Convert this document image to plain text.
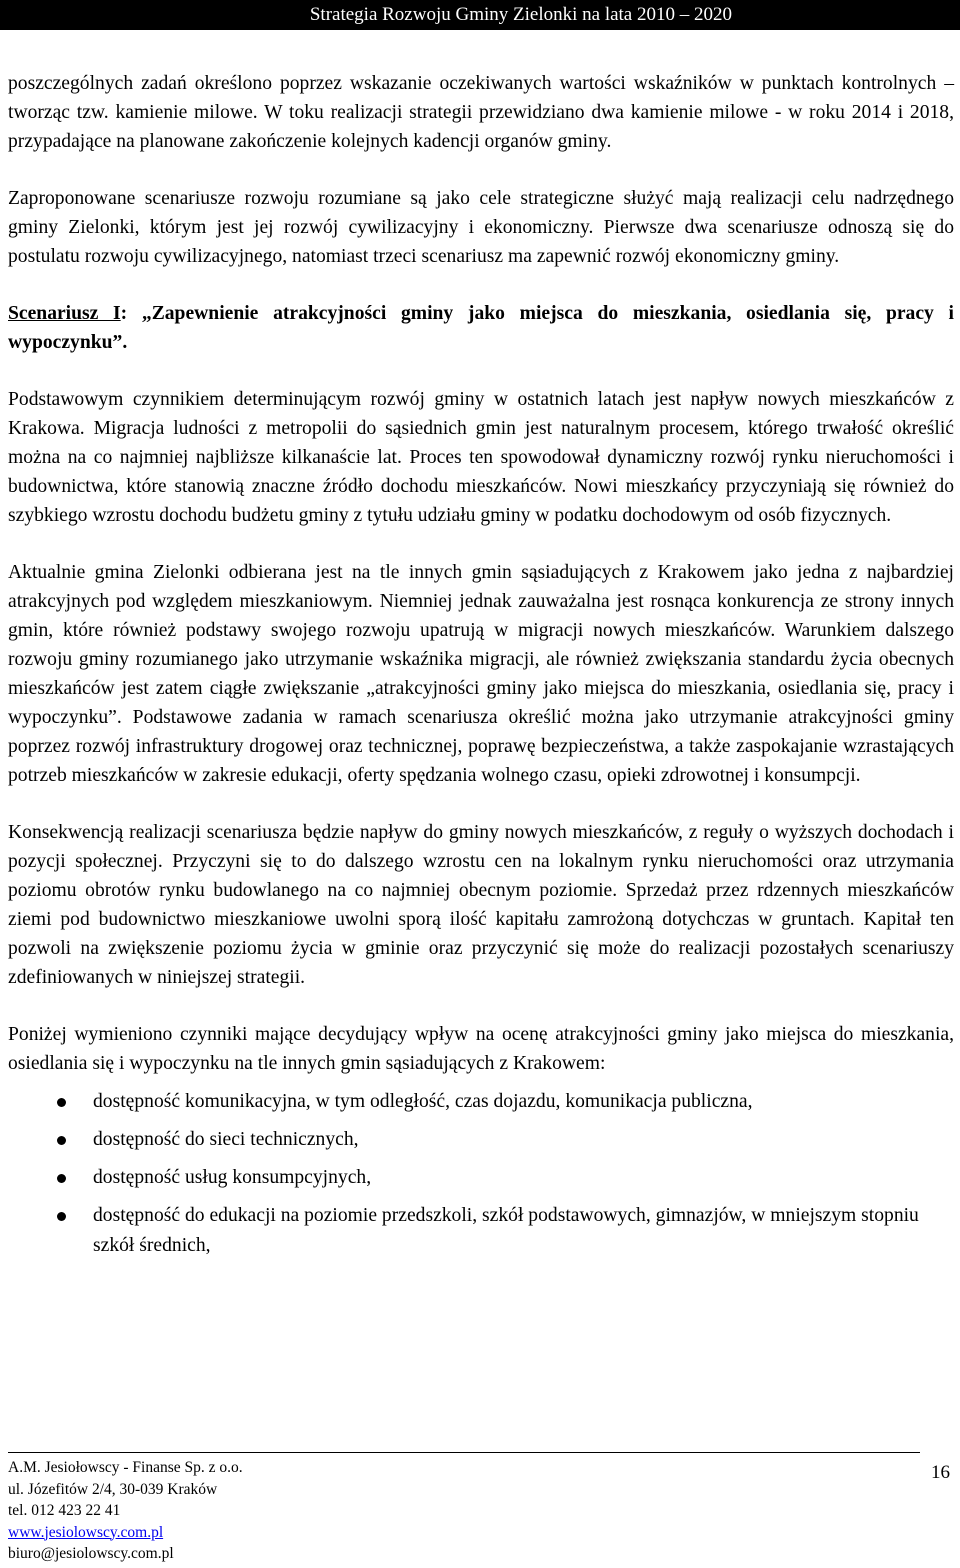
Strategia Rozwoju Gminy Zielonki na lata 2010 – 2020

poszczególnych zadań określono poprzez wskazanie oczekiwanych wartości wskaźników w punktach kontrolnych – tworząc tzw. kamienie milowe. W toku realizacji strategii przewidziano dwa kamienie milowe - w roku 2014 i 2018, przypadające na planowane zakończenie kolejnych kadencji organów gminy.

Zaproponowane scenariusze rozwoju rozumiane są jako cele strategiczne służyć mają realizacji celu nadrzędnego gminy Zielonki, którym jest jej rozwój cywilizacyjny i ekonomiczny. Pierwsze dwa scenariusze odnoszą się do postulatu rozwoju cywilizacyjnego, natomiast trzeci scenariusz ma zapewnić rozwój ekonomiczny gminy.

Scenariusz I: „Zapewnienie atrakcyjności gminy jako miejsca do mieszkania, osiedlania się, pracy i wypoczynku”.

Podstawowym czynnikiem determinującym rozwój gminy w ostatnich latach jest napływ nowych mieszkańców z Krakowa. Migracja ludności z metropolii do sąsiednich gmin jest naturalnym procesem, którego trwałość określić można na co najmniej najbliższe kilkanaście lat. Proces ten spowodował dynamiczny rozwój rynku nieruchomości i budownictwa, które stanowią znaczne źródło dochodu mieszkańców. Nowi mieszkańcy przyczyniają się również do szybkiego wzrostu dochodu budżetu gminy z tytułu udziału gminy w podatku dochodowym od osób fizycznych.

Aktualnie gmina Zielonki odbierana jest na tle innych gmin sąsiadujących z Krakowem jako jedna z najbardziej atrakcyjnych pod względem mieszkaniowym. Niemniej jednak zauważalna jest rosnąca konkurencja ze strony innych gmin, które również podstawy swojego rozwoju upatrują w migracji nowych mieszkańców. Warunkiem dalszego rozwoju gminy rozumianego jako utrzymanie wskaźnika migracji, ale również zwiększania standardu życia obecnych mieszkańców jest zatem ciągłe zwiększanie „atrakcyjności gminy jako miejsca do mieszkania, osiedlania się, pracy i wypoczynku”. Podstawowe zadania w ramach scenariusza określić można jako utrzymanie atrakcyjności gminy poprzez rozwój infrastruktury drogowej oraz technicznej, poprawę bezpieczeństwa, a także zaspokajanie wzrastających potrzeb mieszkańców w zakresie edukacji, oferty spędzania wolnego czasu, opieki zdrowotnej i konsumpcji.

Konsekwencją realizacji scenariusza będzie napływ do gminy nowych mieszkańców, z reguły o wyższych dochodach i pozycji społecznej. Przyczyni się to do dalszego wzrostu cen na lokalnym rynku nieruchomości oraz utrzymania poziomu obrotów rynku budowlanego na co najmniej obecnym poziomie. Sprzedaż przez rdzennych mieszkańców ziemi pod budownictwo mieszkaniowe uwolni sporą ilość kapitału zamrożoną dotychczas w gruntach. Kapitał ten pozwoli na zwiększenie poziomu życia w gminie oraz przyczynić się może do realizacji pozostałych scenariuszy zdefiniowanych w niniejszej strategii.

Poniżej wymieniono czynniki mające decydujący wpływ na ocenę atrakcyjności gminy jako miejsca do mieszkania, osiedlania się i wypoczynku na tle innych gmin sąsiadujących z Krakowem:

dostępność komunikacyjna, w tym odległość, czas dojazdu, komunikacja publiczna,
dostępność do sieci technicznych,
dostępność usług konsumpcyjnych,
dostępność do edukacji na poziomie przedszkoli, szkół podstawowych, gimnazjów, w mniejszym stopniu szkół średnich,
A.M. Jesiołowscy - Finanse Sp. z o.o.
ul. Józefitów 2/4, 30-039 Kraków
tel. 012 423 22 41
www.jesiolowscy.com.pl
biuro@jesiolowscy.com.pl
16
